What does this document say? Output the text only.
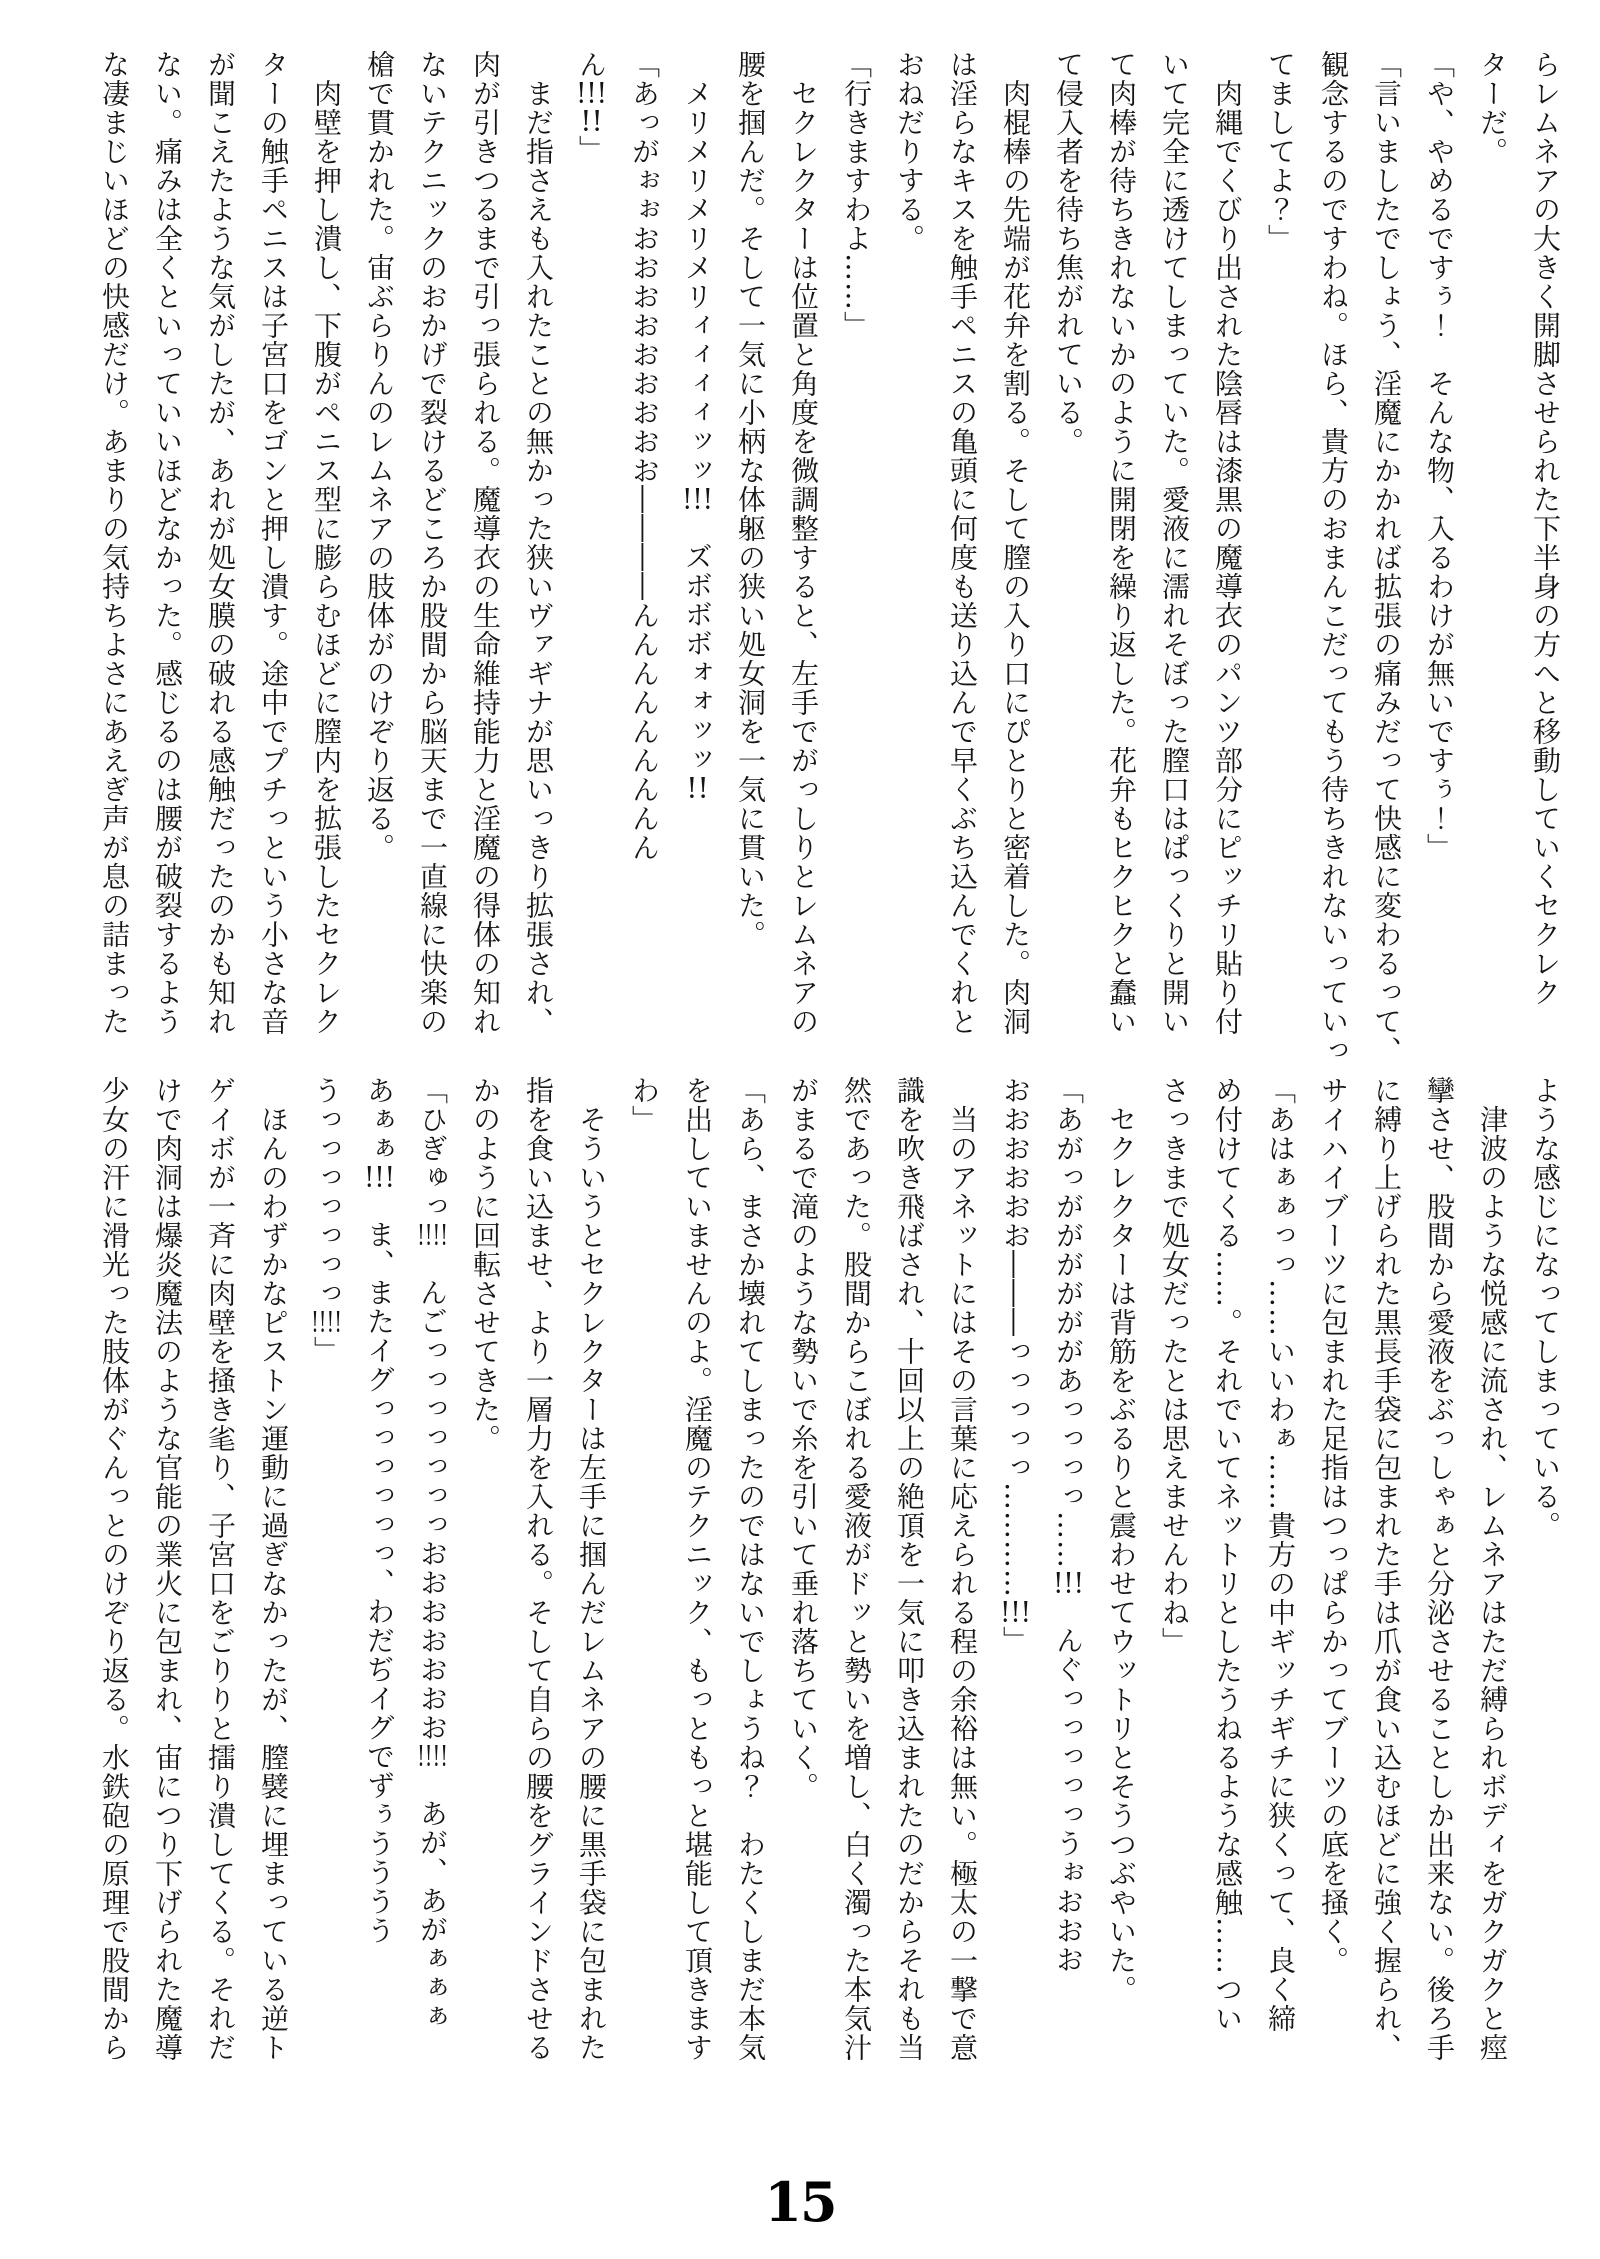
らレムネアの大きく開脚させられた下半身の方へと移動していくセクレク

ターだ。

「や、やめるですぅ！　そんな物、入るわけが無いですぅ！」

「言いましたでしょう、淫魔にかかれば拡張の痛みだって快感に変わるって、

観念するのですわね。ほら、貴方のおまんこだってもう待ちきれないっていっ

てましてよ？」

　肉縄でくびり出された陰唇は漆黒の魔導衣のパンツ部分にピッチリ貼り付

いて完全に透けてしまっていた。愛液に濡れそぼった膣口はぱっくりと開い

て肉棒が待ちきれないかのように開閉を繰り返した。花弁もヒクヒクと蠢い

て侵入者を待ち焦がれている。

　肉棍棒の先端が花弁を割る。そして膣の入り口にぴとりと密着した。肉洞

は淫らなキスを触手ペニスの亀頭に何度も送り込んで早くぶち込んでくれと

おねだりする。

「行きますわよ……」

　セクレクターは位置と角度を微調整すると、左手でがっしりとレムネアの

腰を掴んだ。そして一気に小柄な体躯の狭い処女洞を一気に貫いた。

　メリメリメリメリィィィィッッ!!!　ズボボボォォッッ!!

「あっがぉぉおおおおおおおおお――――んんんんんんんんん

ん!!!!!」

　まだ指さえも入れたことの無かった狭いヴァギナが思いっきり拡張され、

肉が引きつるまで引っ張られる。魔導衣の生命維持能力と淫魔の得体の知れ

ないテクニックのおかげで裂けるどころか股間から脳天まで一直線に快楽の

槍で貫かれた。宙ぶらりんのレムネアの肢体がのけぞり返る。

　肉壁を押し潰し、下腹がペニス型に膨らむほどに膣内を拡張したセクレク

ターの触手ペニスは子宮口をゴンと押し潰す。途中でプチっという小さな音

が聞こえたような気がしたが、あれが処女膜の破れる感触だったのかも知れ

ない。痛みは全くといっていいほどなかった。感じるのは腰が破裂するよう

な凄まじいほどの快感だけ。あまりの気持ちよさにあえぎ声が息の詰まった

ような感じになってしまっている。

　津波のような悦感に流され、レムネアはただ縛られボディをガクガクと痙

攣させ、股間から愛液をぶっしゃぁと分泌させることしか出来ない。後ろ手

に縛り上げられた黒長手袋に包まれた手は爪が食い込むほどに強く握られ、

サイハイブーツに包まれた足指はつっぱらかってブーツの底を掻く。

「あはぁぁっっ……いいわぁ……貴方の中ギッチギチに狭くって、良く締

め付けてくる……。それでいてネットリとしたうねるような感触……つい

さっきまで処女だったとは思えませんわね」

　セクレクターは背筋をぶるりと震わせてウットリとそうつぶやいた。

「あがっががががががあっっっっ……!!!　んぐっっっっっうぉおおお

おおおおおお―――っっっっっ…………!!!」

　当のアネットにはその言葉に応えられる程の余裕は無い。極太の一撃で意

識を吹き飛ばされ、十回以上の絶頂を一気に叩き込まれたのだからそれも当

然であった。股間からこぼれる愛液がドッと勢いを増し、白く濁った本気汁

がまるで滝のような勢いで糸を引いて垂れ落ちていく。

「あら、まさか壊れてしまったのではないでしょうね？　わたくしまだ本気

を出していませんのよ。淫魔のテクニック、もっともっと堪能して頂きます

わ」

　そういうとセクレクターは左手に掴んだレムネアの腰に黒手袋に包まれた

指を食い込ませ、より一層力を入れる。そして自らの腰をグラインドさせる

かのように回転させてきた。

「ひぎゅっ!!!!　んごっっっっっっっおおおおおおお!!!!　あが、あがぁぁぁ

あぁぁ!!!　ま、またイグっっっっっっ、わだぢイグでずぅうううう

うっっっっっっっ!!!!」

　ほんのわずかなピストン運動に過ぎなかったが、膣襞に埋まっている逆ト

ゲイボが一斉に肉壁を掻き毟り、子宮口をごりりと擂り潰してくる。それだ

けで肉洞は爆炎魔法のような官能の業火に包まれ、宙につり下げられた魔導

少女の汗に滑光った肢体がぐんっとのけぞり返る。水鉄砲の原理で股間から

15
